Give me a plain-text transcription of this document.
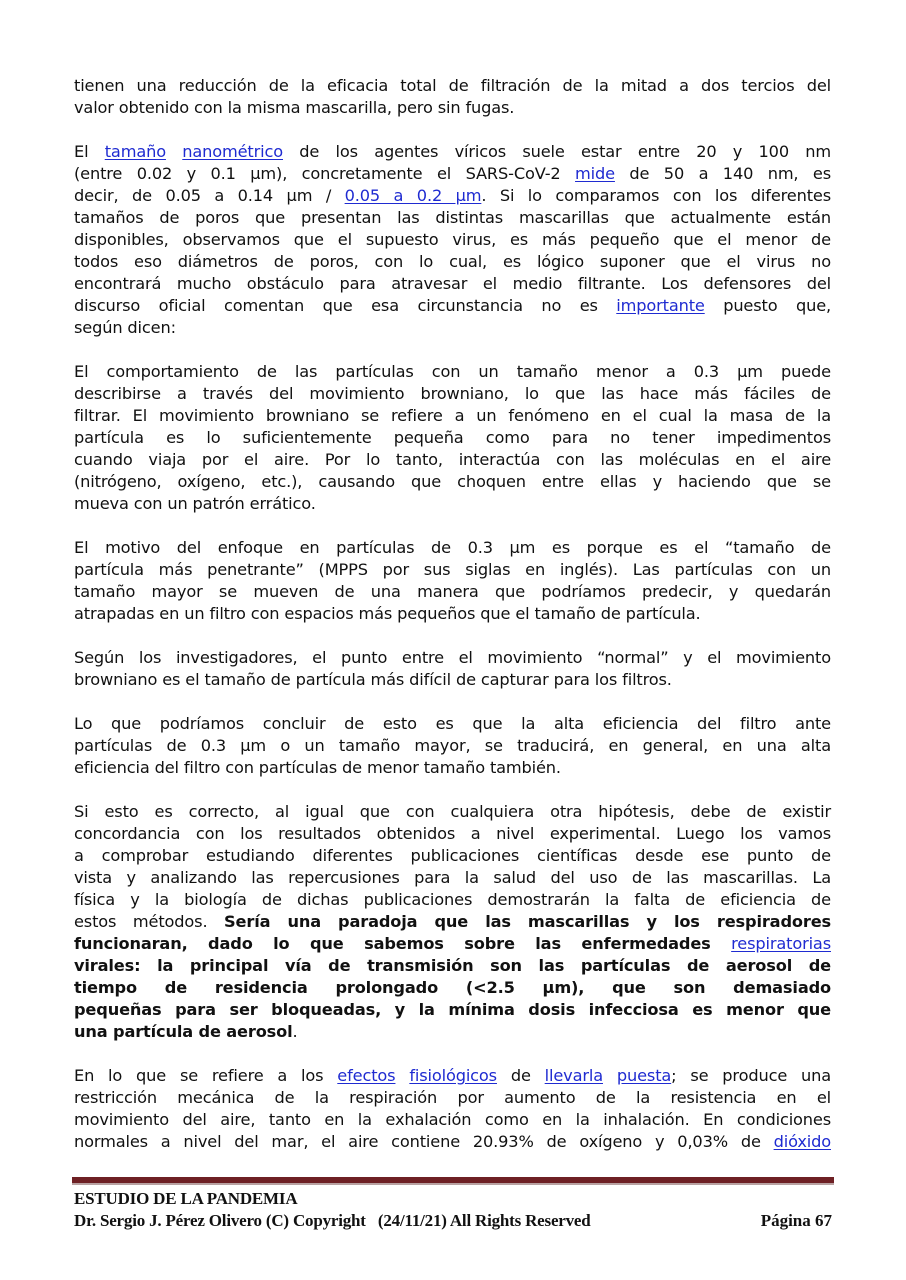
tienen una reducción de la eficacia total de filtración de la mitad a dos tercios del
valor obtenido con la misma mascarilla, pero sin fugas.
El tamaño nanométrico de los agentes víricos suele estar entre 20 y 100 nm
(entre 0.02 y 0.1 µm), concretamente el SARS-CoV-2 mide de 50 a 140 nm, es
decir, de 0.05 a 0.14 µm / 0.05 a 0.2 µm. Si lo comparamos con los diferentes
tamaños de poros que presentan las distintas mascarillas que actualmente están
disponibles, observamos que el supuesto virus, es más pequeño que el menor de
todos eso diámetros de poros, con lo cual, es lógico suponer que el virus no
encontrará mucho obstáculo para atravesar el medio filtrante. Los defensores del
discurso oficial comentan que esa circunstancia no es importante puesto que,
según dicen:
El comportamiento de las partículas con un tamaño menor a 0.3 µm puede
describirse a través del movimiento browniano, lo que las hace más fáciles de
filtrar. El movimiento browniano se refiere a un fenómeno en el cual la masa de la
partícula es lo suficientemente pequeña como para no tener impedimentos
cuando viaja por el aire. Por lo tanto, interactúa con las moléculas en el aire
(nitrógeno, oxígeno, etc.), causando que choquen entre ellas y haciendo que se
mueva con un patrón errático.
El motivo del enfoque en partículas de 0.3 µm es porque es el “tamaño de
partícula más penetrante” (MPPS por sus siglas en inglés). Las partículas con un
tamaño mayor se mueven de una manera que podríamos predecir, y quedarán
atrapadas en un filtro con espacios más pequeños que el tamaño de partícula.
Según los investigadores, el punto entre el movimiento “normal” y el movimiento
browniano es el tamaño de partícula más difícil de capturar para los filtros.
Lo que podríamos concluir de esto es que la alta eficiencia del filtro ante
partículas de 0.3 µm o un tamaño mayor, se traducirá, en general, en una alta
eficiencia del filtro con partículas de menor tamaño también.
Si esto es correcto, al igual que con cualquiera otra hipótesis, debe de existir
concordancia con los resultados obtenidos a nivel experimental. Luego los vamos
a comprobar estudiando diferentes publicaciones científicas desde ese punto de
vista y analizando las repercusiones para la salud del uso de las mascarillas. La
física y la biología de dichas publicaciones demostrarán la falta de eficiencia de
estos métodos. Sería una paradoja que las mascarillas y los respiradores
funcionaran, dado lo que sabemos sobre las enfermedades respiratorias
virales: la principal vía de transmisión son las partículas de aerosol de
tiempo de residencia prolongado (<2.5 µm), que son demasiado
pequeñas para ser bloqueadas, y la mínima dosis infecciosa es menor que
una partícula de aerosol.
En lo que se refiere a los efectos fisiológicos de llevarla puesta; se produce una
restricción mecánica de la respiración por aumento de la resistencia en el
movimiento del aire, tanto en la exhalación como en la inhalación. En condiciones
normales a nivel del mar, el aire contiene 20.93% de oxígeno y 0,03% de dióxido
ESTUDIO DE LA PANDEMIA
Dr. Sergio J. Pérez Olivero (C) Copyright   (24/11/21) All Rights Reserved	Página 67
